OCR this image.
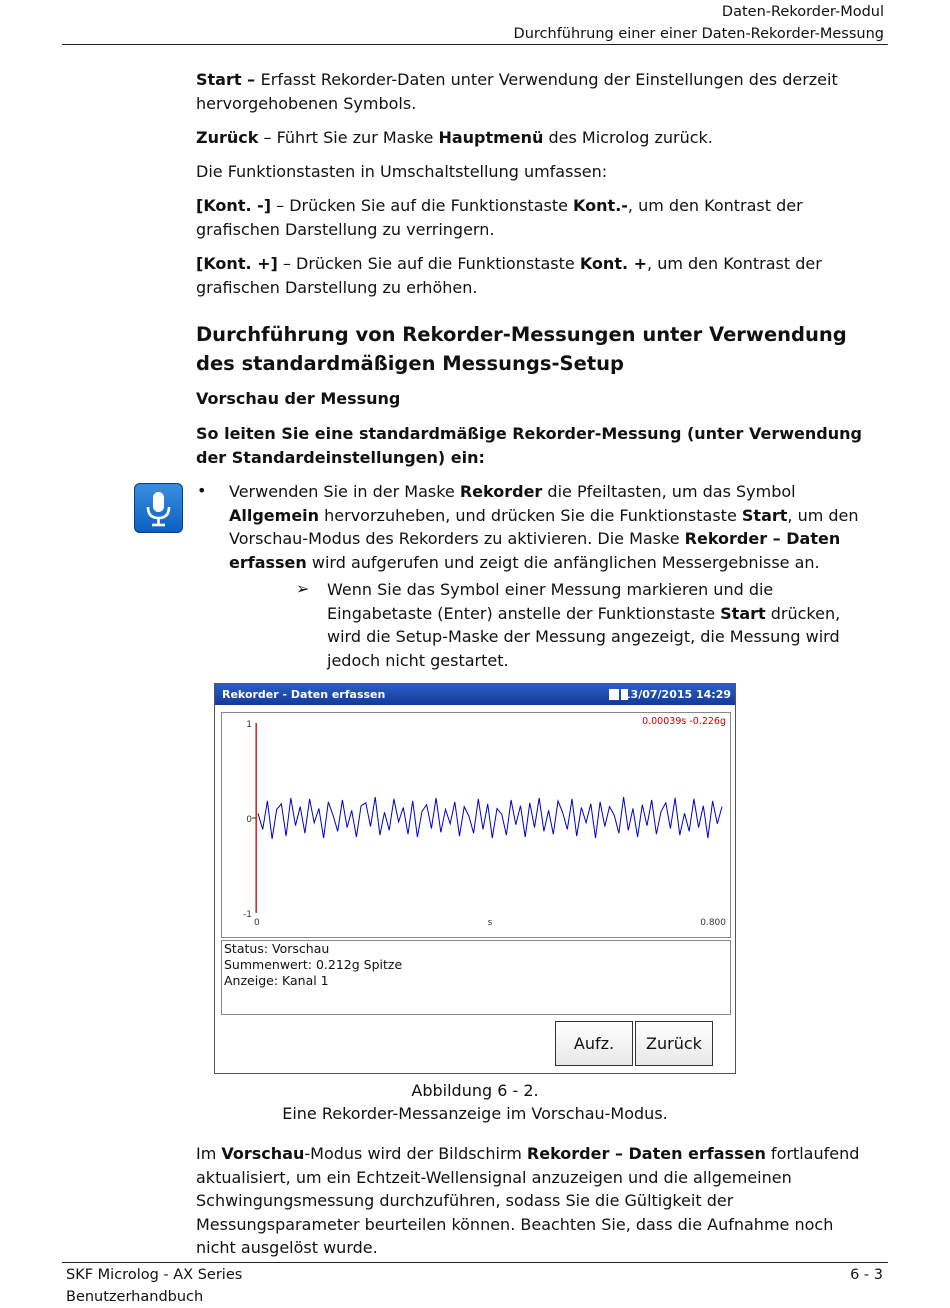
Daten-Rekorder-Modul
Durchführung einer einer Daten-Rekorder-Messung
Start – Erfasst Rekorder-Daten unter Verwendung der Einstellungen des derzeit hervorgehobenen Symbols.
Zurück – Führt Sie zur Maske Hauptmenü des Microlog zurück.
Die Funktionstasten in Umschaltstellung umfassen:
[Kont. -] – Drücken Sie auf die Funktionstaste Kont.-, um den Kontrast der grafischen Darstellung zu verringern.
[Kont. +] – Drücken Sie auf die Funktionstaste Kont. +, um den Kontrast der grafischen Darstellung zu erhöhen.
Durchführung von Rekorder-Messungen unter Verwendung des standardmäßigen Messungs-Setup
Vorschau der Messung
So leiten Sie eine standardmäßige Rekorder-Messung (unter Verwendung der Standardeinstellungen) ein:
• Verwenden Sie in der Maske Rekorder die Pfeiltasten, um das Symbol Allgemein hervorzuheben, und drücken Sie die Funktionstaste Start, um den Vorschau-Modus des Rekorders zu aktivieren. Die Maske Rekorder – Daten erfassen wird aufgerufen und zeigt die anfänglichen Messergebnisse an.
➢ Wenn Sie das Symbol einer Messung markieren und die Eingabetaste (Enter) anstelle der Funktionstaste Start drücken, wird die Setup-Maske der Messung angezeigt, die Messung wird jedoch nicht gestartet.
Rekorder - Daten erfassen	13/07/2015 14:29
0.00039s -0.226g
1
0
-1
0	0.800
s
Status: Vorschau
Summenwert: 0.212g Spitze
Anzeige: Kanal 1
Aufz.	Zurück
Abbildung 6 - 2.
Eine Rekorder-Messanzeige im Vorschau-Modus.
Im Vorschau-Modus wird der Bildschirm Rekorder – Daten erfassen fortlaufend aktualisiert, um ein Echtzeit-Wellensignal anzuzeigen und die allgemeinen Schwingungsmessung durchzuführen, sodass Sie die Gültigkeit der Messungsparameter beurteilen können. Beachten Sie, dass die Aufnahme noch nicht ausgelöst wurde.
SKF Microlog - AX Series
Benutzerhandbuch
6 - 3
